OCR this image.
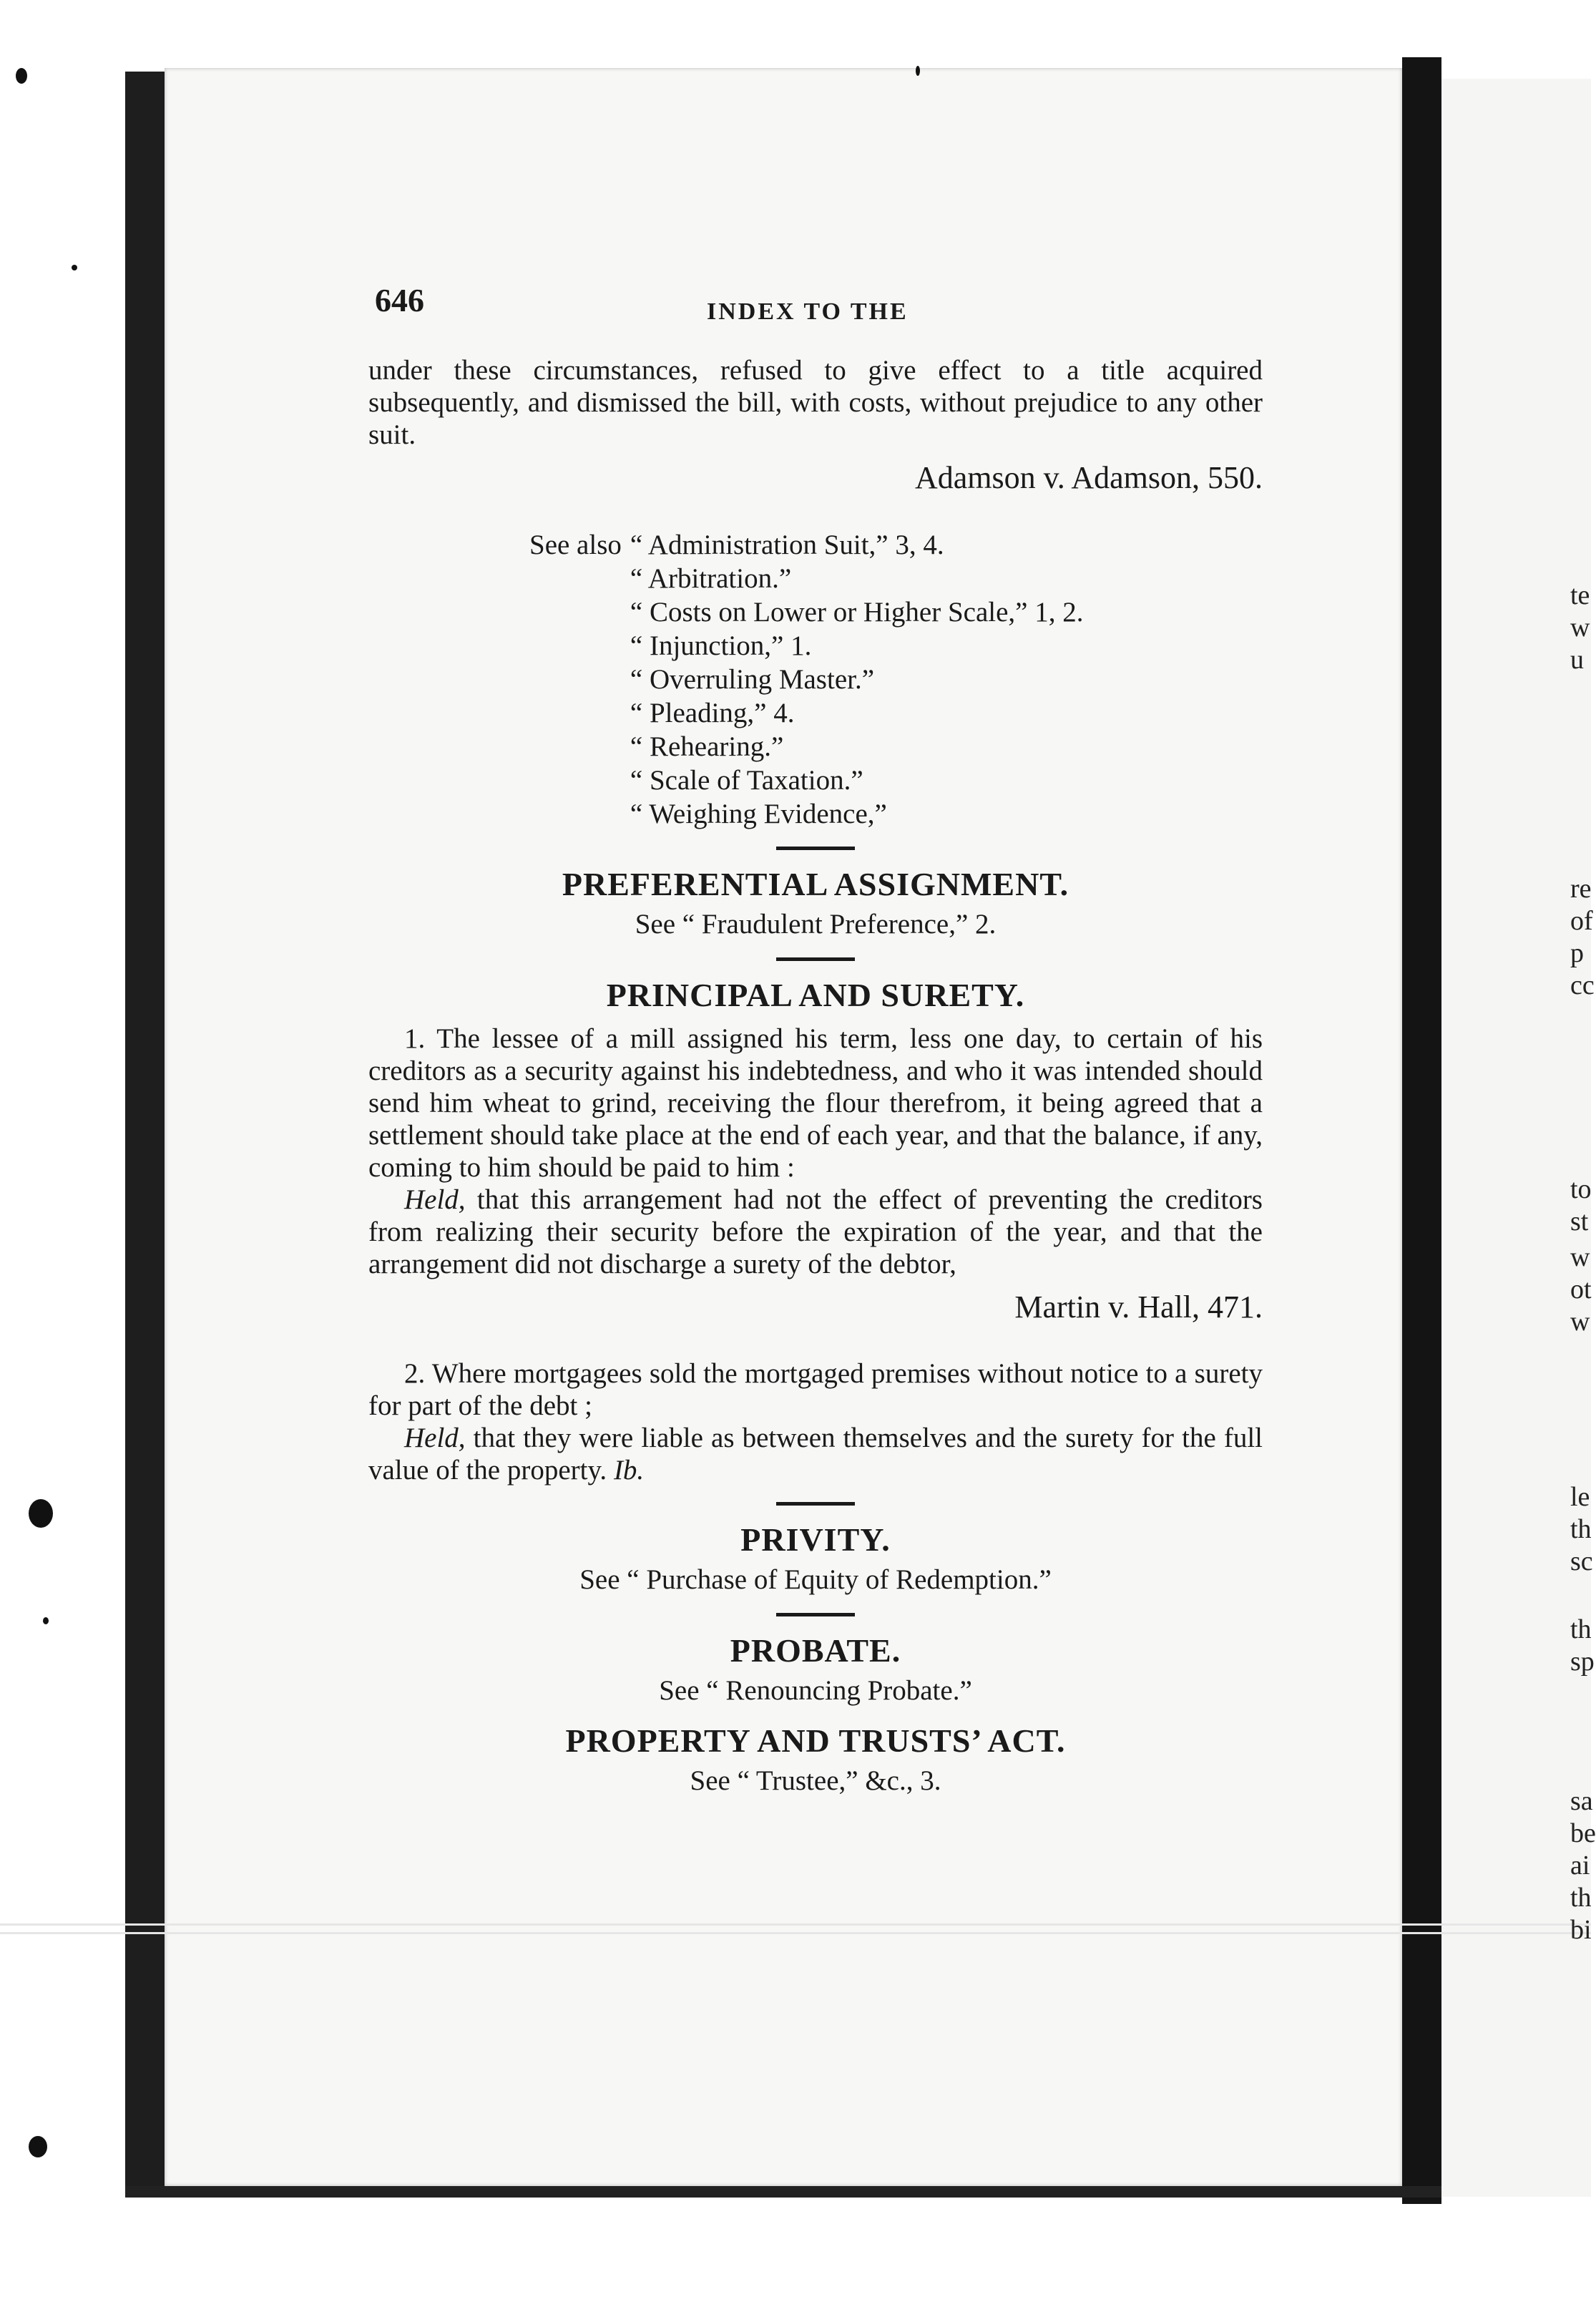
646	INDEX TO THE

under these circumstances, refused to give effect to a title acquired subsequently, and dismissed the bill, with costs, without prejudice to any other suit.

Adamson v. Adamson, 550.

See also “ Administration Suit,” 3, 4.
“ Arbitration.”
“ Costs on Lower or Higher Scale,” 1, 2.
“ Injunction,” 1.
“ Overruling Master.”
“ Pleading,” 4.
“ Rehearing.”
“ Scale of Taxation.”
“ Weighing Evidence,”
PREFERENTIAL ASSIGNMENT.

See “ Fraudulent Preference,” 2.

PRINCIPAL AND SURETY.

1. The lessee of a mill assigned his term, less one day, to certain of his creditors as a security against his indebtedness, and who it was intended should send him wheat to grind, receiving the flour therefrom, it being agreed that a settlement should take place at the end of each year, and that the balance, if any, coming to him should be paid to him :

Held, that this arrangement had not the effect of preventing the creditors from realizing their security before the expiration of the year, and that the arrangement did not discharge a surety of the debtor,

Martin v. Hall, 471.

2. Where mortgagees sold the mortgaged premises without notice to a surety for part of the debt ;

Held, that they were liable as between themselves and the surety for the full value of the property. Ib.

PRIVITY.

See “ Purchase of Equity of Redemption.”

PROBATE.

See “ Renouncing Probate.”

PROPERTY AND TRUSTS’ ACT.

See “ Trustee,” &c., 3.

te
w
u
re
of
p
cc
to
st
w
ot
w
le
th
sc
th
sp
sa
be
ai
th
bi
